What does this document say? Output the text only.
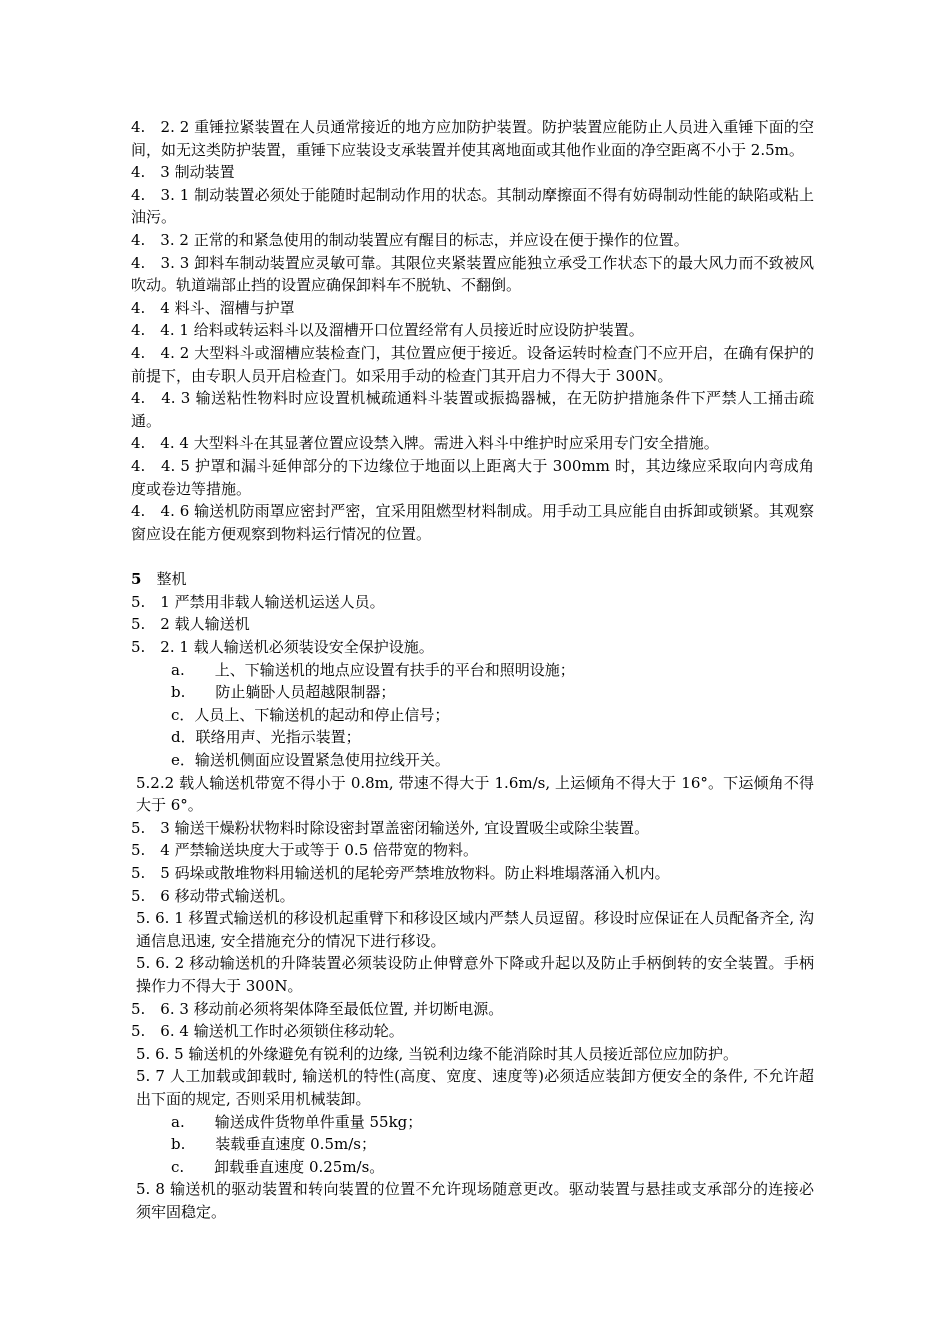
4.　2. 2 重锤拉紧装置在人员通常接近的地方应加防护装置。防护装置应能防止人员进入重锤下面的空间，如无这类防护装置，重锤下应装设支承装置并使其离地面或其他作业面的净空距离不小于 2.5m。

4.　3 制动装置

4.　3. 1 制动装置必须处于能随时起制动作用的状态。其制动摩擦面不得有妨碍制动性能的缺陷或粘上油污。

4.　3. 2 正常的和紧急使用的制动装置应有醒目的标志，并应设在便于操作的位置。

4.　3. 3 卸料车制动装置应灵敏可靠。其限位夹紧装置应能独立承受工作状态下的最大风力而不致被风吹动。轨道端部止挡的设置应确保卸料车不脱轨、不翻倒。

4.　4 料斗、溜槽与护罩

4.　4. 1 给料或转运料斗以及溜槽开口位置经常有人员接近时应设防护装置。

4.　4. 2 大型料斗或溜槽应装检查门，其位置应便于接近。设备运转时检查门不应开启，在确有保护的前提下，由专职人员开启检查门。如采用手动的检查门其开启力不得大于 300N。

4.　4. 3 输送粘性物料时应设置机械疏通料斗装置或振捣器械，在无防护措施条件下严禁人工捅击疏通。

4.　4. 4 大型料斗在其显著位置应设禁入牌。需进入料斗中维护时应采用专门安全措施。

4.　4. 5 护罩和漏斗延伸部分的下边缘位于地面以上距离大于 300mm 时，其边缘应采取向内弯成角度或卷边等措施。

4.　4. 6 输送机防雨罩应密封严密，宜采用阻燃型材料制成。用手动工具应能自由拆卸或锁紧。其观察窗应设在能方便观察到物料运行情况的位置。

5　 整机

5.　1 严禁用非载人输送机运送人员。

5.　2 载人输送机

5.　2. 1 载人输送机必须装设安全保护设施。

a.　　上、下输送机的地点应设置有扶手的平台和照明设施；

b.　　防止躺卧人员超越限制器；

c．人员上、下输送机的起动和停止信号；

d．联络用声、光指示装置；

e．输送机侧面应设置紧急使用拉线开关。

5.2.2 载人输送机带宽不得小于 0.8m, 带速不得大于 1.6m/s, 上运倾角不得大于 16°。下运倾角不得大于 6°。

5.　3 输送干燥粉状物料时除设密封罩盖密闭输送外, 宜设置吸尘或除尘装置。

5.　4 严禁输送块度大于或等于 0.5 倍带宽的物料。

5.　5 码垛或散堆物料用输送机的尾轮旁严禁堆放物料。防止料堆塌落涌入机内。

5.　6 移动带式输送机。

5. 6. 1 移置式输送机的移设机起重臂下和移设区域内严禁人员逗留。移设时应保证在人员配备齐全, 沟通信息迅速, 安全措施充分的情况下进行移设。

5. 6. 2 移动输送机的升降装置必须装设防止伸臂意外下降或升起以及防止手柄倒转的安全装置。手柄操作力不得大于 300N。

5.　6. 3 移动前必须将架体降至最低位置, 并切断电源。

5.　6. 4 输送机工作时必须锁住移动轮。

5. 6. 5 输送机的外缘避免有锐利的边缘, 当锐利边缘不能消除时其人员接近部位应加防护。

5. 7 人工加载或卸载时, 输送机的特性(高度、宽度、速度等)必须适应装卸方便安全的条件, 不允许超出下面的规定, 否则采用机械装卸。

a.　　输送成件货物单件重量 55kg；

b.　　装载垂直速度 0.5m/s；

c.　　卸载垂直速度 0.25m/s。

5. 8 输送机的驱动装置和转向装置的位置不允许现场随意更改。驱动装置与悬挂或支承部分的连接必须牢固稳定。
